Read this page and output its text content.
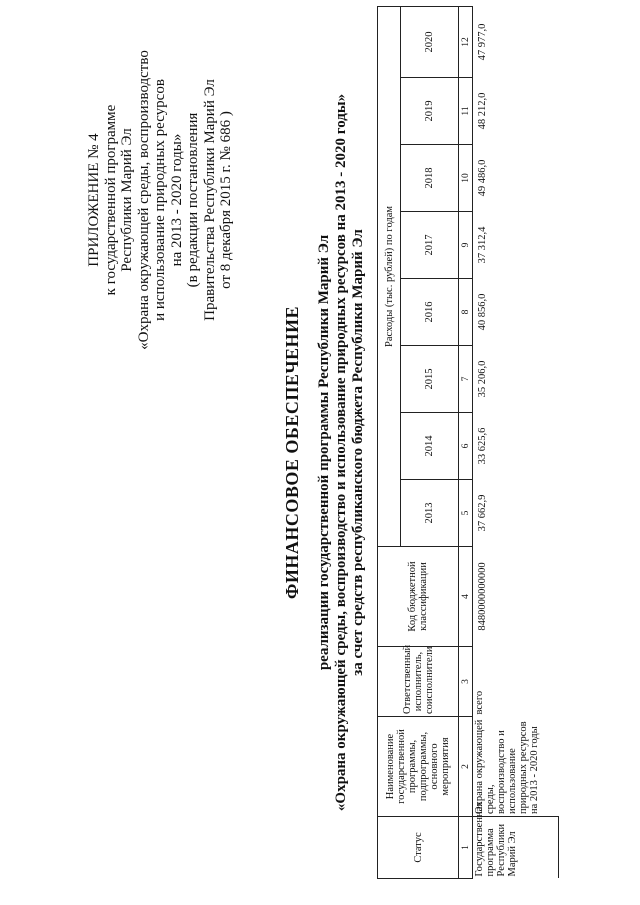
ПРИЛОЖЕНИЕ № 4 к государственной программе Республики Марий Эл «Охрана окружающей среды, воспроизводство и использование природных ресурсов на 2013 - 2020 годы» (в редакции постановления Правительства Республики Марий Эл от 8 декабря 2015 г. № 686 )
ФИНАНСОВОЕ ОБЕСПЕЧЕНИЕ реализации государственной программы Республики Марий Эл «Охрана окружающей среды, воспроизводство и использование природных ресурсов на 2013 - 2020 годы» за счет средств республиканского бюджета Республики Марий Эл
Статус	Наименование государственной программы, подпрограммы, основного мероприятия	Ответственный исполнитель, соисполнители	Код бюджетной классификации	Расходы (тыс. рублей) по годам							
				2013	2014	2015	2016	2017	2018	2019	2020
1	2	3	4	5	6	7	8	9	10	11	12
Государственная программа Республики Марий Эл	Охрана окружающей среды, воспроизводство и использование природных ресурсов на 2013 - 2020 годы	всего	8480000000000	37 662,9	33 625,6	35 206,0	40 856,0	37 312,4	49 486,0	48 212,0	47 977,0
